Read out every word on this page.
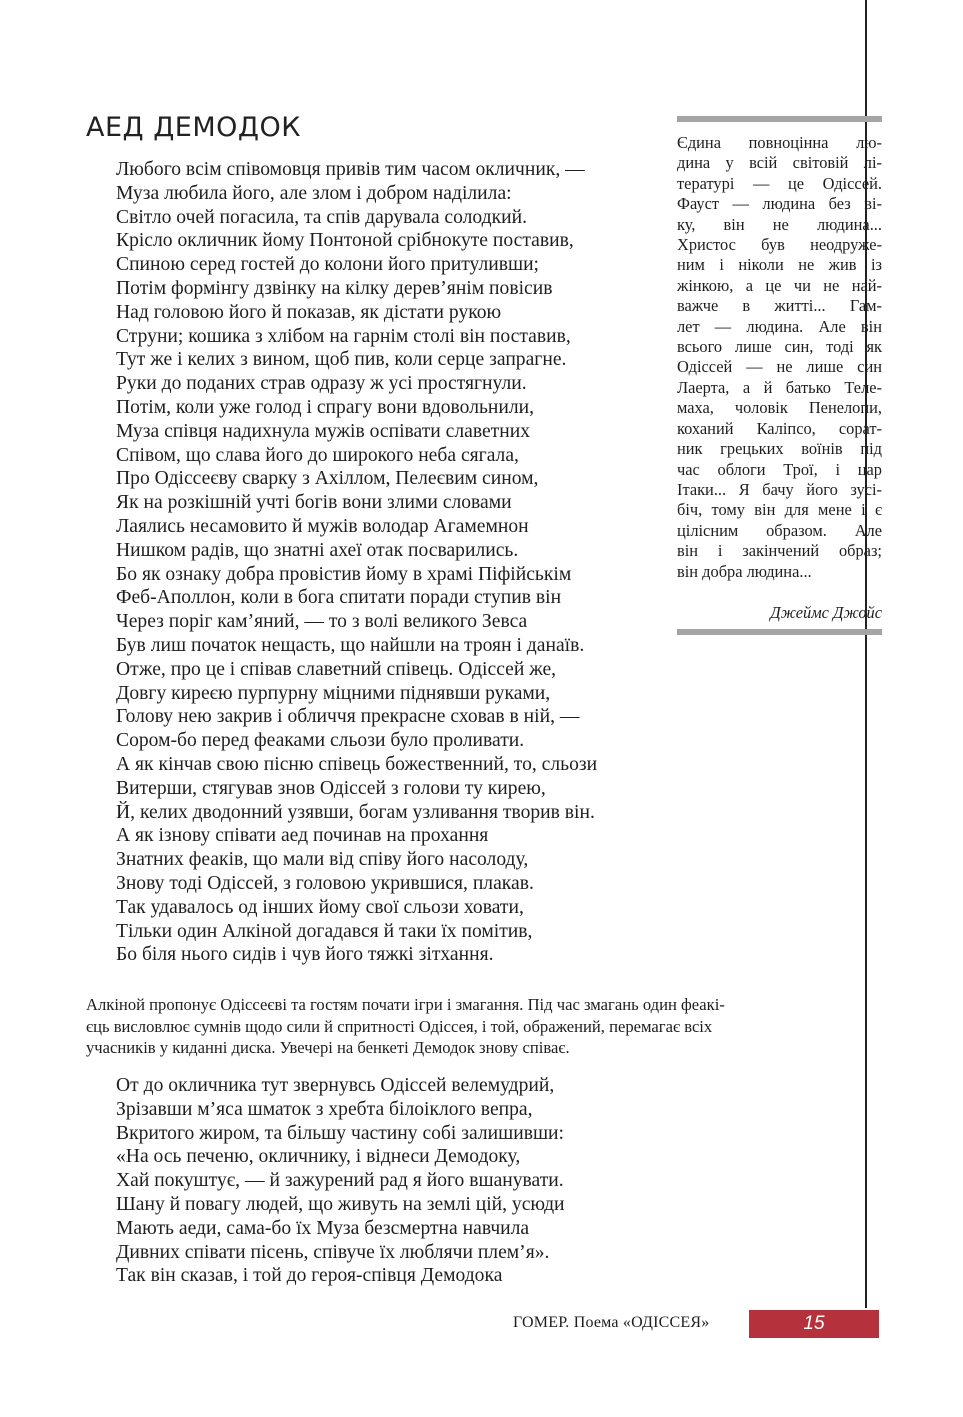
АЕД ДЕМОДОК
Любого всім співомовця привів тим часом окличник, —
Муза любила його, але злом і добром наділила:
Світло очей погасила, та спів дарувала солодкий.
Крісло окличник йому Понтоной срібнокуте поставив,
Спиною серед гостей до колони його притуливши;
Потім формінгу дзвінку на кілку дерев’янім повісив
Над головою його й показав, як дістати рукою
Струни; кошика з хлібом на гарнім столі він поставив,
Тут же і келих з вином, щоб пив, коли серце запрагне.
Руки до поданих страв одразу ж усі простягнули.
Потім, коли уже голод і спрагу вони вдовольнили,
Муза співця надихнула мужів оспівати славетних
Співом, що слава його до широкого неба сягала,
Про Одіссеєву сварку з Ахіллом, Пелеєвим сином,
Як на розкішній учті богів вони злими словами
Лаялись несамовито й мужів володар Агамемнон
Нишком радів, що знатні ахеї отак посварились.
Бо як ознаку добра провістив йому в храмі Піфійськім
Феб-Аполлон, коли в бога спитати поради ступив він
Через поріг кам’яний, — то з волі великого Зевса
Був лиш початок нещасть, що найшли на троян і данаїв.
Отже, про це і співав славетний співець. Одіссей же,
Довгу киреєю пурпурну міцними піднявши руками,
Голову нею закрив і обличчя прекрасне сховав в ній, —
Сором-бо перед феаками сльози було проливати.
А як кінчав свою пісню співець божественний, то, сльози
Витерши, стягував знов Одіссей з голови ту кирею,
Й, келих дводонний узявши, богам узливання творив він.
А як ізнову співати аед починав на прохання
Знатних феаків, що мали від співу його насолоду,
Знову тоді Одіссей, з головою укрившися, плакав.
Так удавалось од інших йому свої сльози ховати,
Тільки один Алкіной догадався й таки їх помітив,
Бо біля нього сидів і чув його тяжкі зітхання.

Алкіной пропонує Одіссеєві та гостям почати ігри і змагання. Під час змагань один феакі-
єць висловлює сумнів щодо сили й спритності Одіссея, і той, ображений, перемагає всіх
учасників у киданні диска. Увечері на бенкеті Демодок знову співає.

От до окличника тут звернувсь Одіссей велемудрий,
Зрізавши м’яса шматок з хребта білоіклого вепра,
Вкритого жиром, та більшу частину собі залишивши:
«На ось печеню, окличнику, і віднеси Демодоку,
Хай покуштує, — й зажурений рад я його вшанувати.
Шану й повагу людей, що живуть на землі цій, усюди
Мають аеди, сама-бо їх Муза безсмертна навчила
Дивних співати пісень, співуче їх люблячи плем’я».
Так він сказав, і той до героя-співця Демодока

Єдина повноцінна лю-
дина у всій світовій лі-
тературі — це Одіссей.
Фауст — людина без ві-
ку, він не людина...
Христос був неодруже-
ним і ніколи не жив із
жінкою, а це чи не най-
важче в житті... Гам-
лет — людина. Але він
всього лише син, тоді як
Одіссей — не лише син
Лаерта, а й батько Теле-
маха, чоловік Пенелопи,
коханий Каліпсо, сорат-
ник грецьких воїнів під
час облоги Трої, і цар
Ітаки... Я бачу його зусі-
біч, тому він для мене і є
цілісним образом. Але
він і закінчений образ;
він добра людина...

Джеймс Джойс
ГОМЕР. Поема «ОДІССЕЯ»	15
